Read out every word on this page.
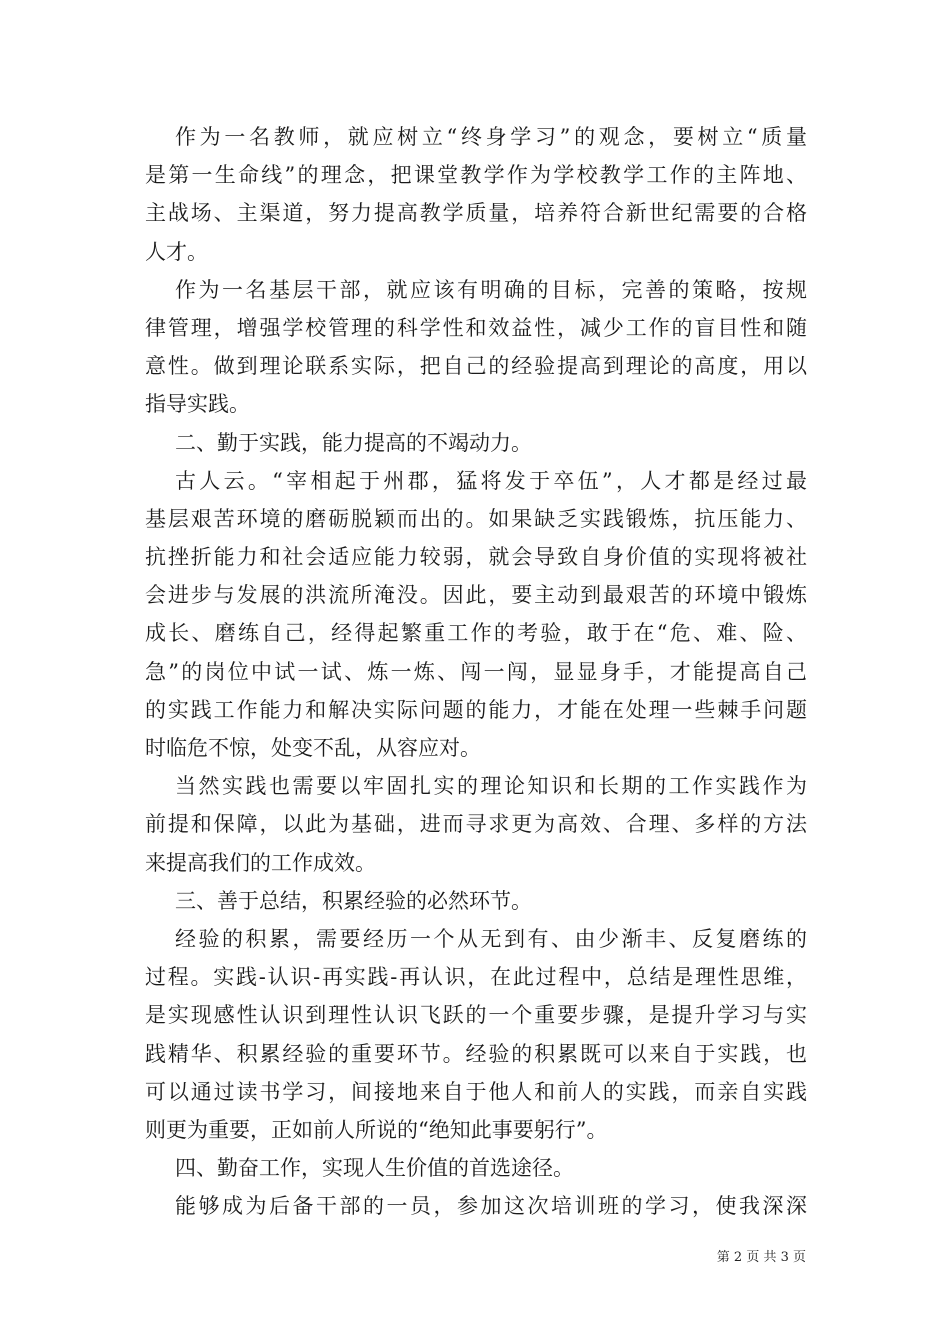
作为一名教师，就应树立“终身学习”的观念，要树立“质量
是第一生命线”的理念，把课堂教学作为学校教学工作的主阵地、
主战场、主渠道，努力提高教学质量，培养符合新世纪需要的合格
人才。
作为一名基层干部，就应该有明确的目标，完善的策略，按规
律管理，增强学校管理的科学性和效益性，减少工作的盲目性和随
意性。做到理论联系实际，把自己的经验提高到理论的高度，用以
指导实践。
二、勤于实践，能力提高的不竭动力。
古人云。“宰相起于州郡，猛将发于卒伍”，人才都是经过最
基层艰苦环境的磨砺脱颖而出的。如果缺乏实践锻炼，抗压能力、
抗挫折能力和社会适应能力较弱，就会导致自身价值的实现将被社
会进步与发展的洪流所淹没。因此，要主动到最艰苦的环境中锻炼
成长、磨练自己，经得起繁重工作的考验，敢于在“危、难、险、
急”的岗位中试一试、炼一炼、闯一闯，显显身手，才能提高自己
的实践工作能力和解决实际问题的能力，才能在处理一些棘手问题
时临危不惊，处变不乱，从容应对。
当然实践也需要以牢固扎实的理论知识和长期的工作实践作为
前提和保障，以此为基础，进而寻求更为高效、合理、多样的方法
来提高我们的工作成效。
三、善于总结，积累经验的必然环节。
经验的积累，需要经历一个从无到有、由少渐丰、反复磨练的
过程。实践-认识-再实践-再认识，在此过程中，总结是理性思维，
是实现感性认识到理性认识飞跃的一个重要步骤，是提升学习与实
践精华、积累经验的重要环节。经验的积累既可以来自于实践，也
可以通过读书学习，间接地来自于他人和前人的实践，而亲自实践
则更为重要，正如前人所说的“绝知此事要躬行”。
四、勤奋工作，实现人生价值的首选途径。
能够成为后备干部的一员，参加这次培训班的学习，使我深深
第 2 页 共 3 页
